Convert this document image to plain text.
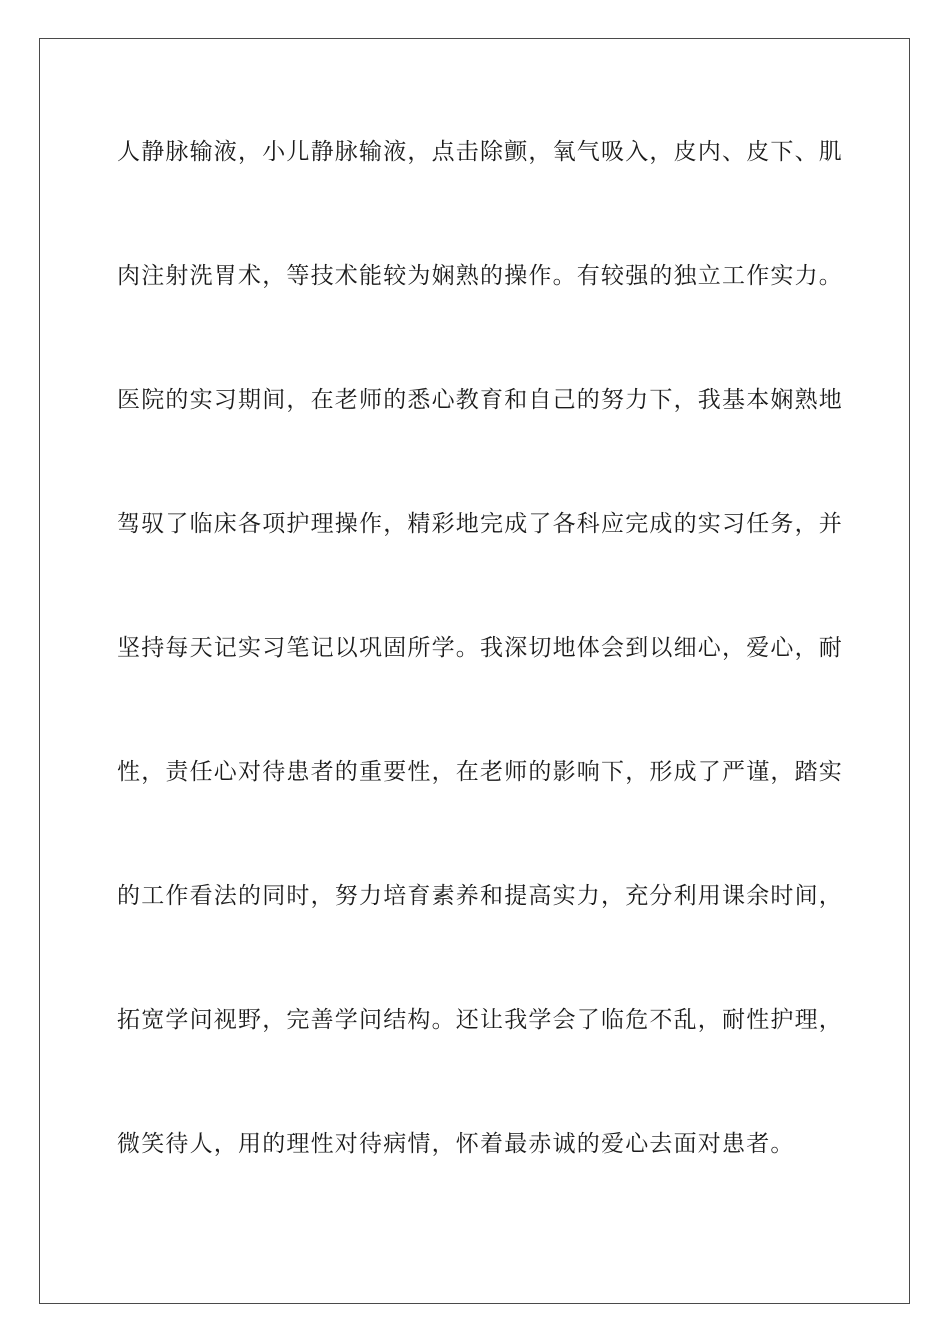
人静脉输液，小儿静脉输液，点击除颤，氧气吸入，皮内、皮下、肌
肉注射洗胃术，等技术能较为娴熟的操作。有较强的独立工作实力。
医院的实习期间，在老师的悉心教育和自己的努力下，我基本娴熟地
驾驭了临床各项护理操作，精彩地完成了各科应完成的实习任务，并
坚持每天记实习笔记以巩固所学。我深切地体会到以细心，爱心，耐
性，责任心对待患者的重要性，在老师的影响下，形成了严谨，踏实
的工作看法的同时，努力培育素养和提高实力，充分利用课余时间，
拓宽学问视野，完善学问结构。还让我学会了临危不乱，耐性护理，
微笑待人，用的理性对待病情，怀着最赤诚的爱心去面对患者。
